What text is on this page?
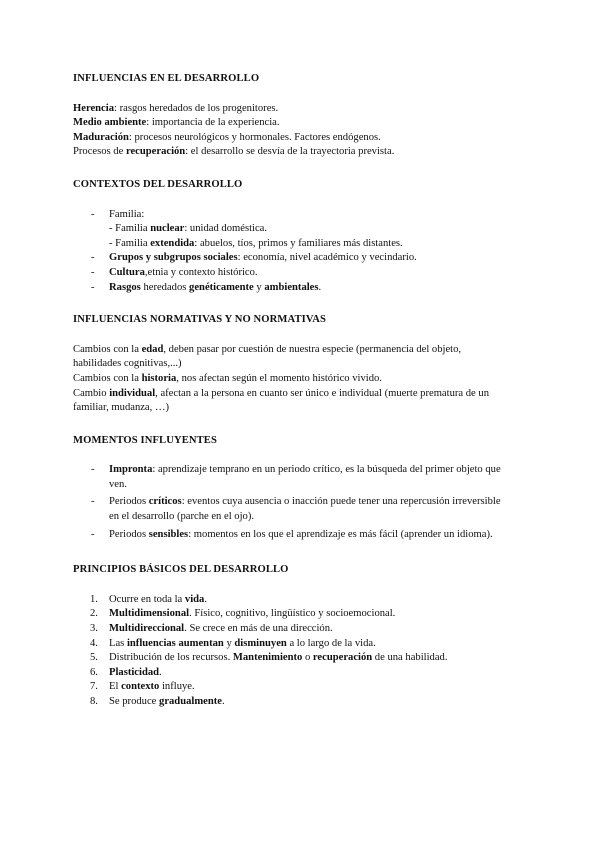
INFLUENCIAS EN EL DESARROLLO

Herencia: rasgos heredados de los progenitores.

Medio ambiente: importancia de la experiencia.

Maduración: procesos neurológicos y hormonales. Factores endógenos.

Procesos de recuperación: el desarrollo se desvía de la trayectoria prevista.

CONTEXTOS DEL DESARROLLO
- Familia:
- Familia nuclear: unidad doméstica.
- Familia extendida: abuelos, tíos, primos y familiares más distantes.
- Grupos y subgrupos sociales: economía, nivel académico y vecindario.
- Cultura,etnia y contexto histórico.
- Rasgos heredados genéticamente y ambientales.
INFLUENCIAS NORMATIVAS Y NO NORMATIVAS

Cambios con la edad, deben pasar por cuestión de nuestra especie (permanencia del objeto,
habilidades cognitivas,...)

Cambios con la historia, nos afectan según el momento histórico vivido.

Cambio individual, afectan a la persona en cuanto ser único e individual (muerte prematura de un
familiar, mudanza, …)

MOMENTOS INFLUYENTES
- Impronta: aprendizaje temprano en un periodo crítico, es la búsqueda del primer objeto que
ven.
- Periodos críticos: eventos cuya ausencia o inacción puede tener una repercusión irreversible
en el desarrollo (parche en el ojo).
- Periodos sensibles: momentos en los que el aprendizaje es más fácil (aprender un idioma).
PRINCIPIOS BÁSICOS DEL DESARROLLO
1. Ocurre en toda la vida.
2. Multidimensional. Físico, cognitivo, lingüístico y socioemocional.
3. Multidireccional. Se crece en más de una dirección.
4. Las influencias aumentan y disminuyen a lo largo de la vida.
5. Distribución de los recursos. Mantenimiento o recuperación de una habilidad.
6. Plasticidad.
7. El contexto influye.
8. Se produce gradualmente.
